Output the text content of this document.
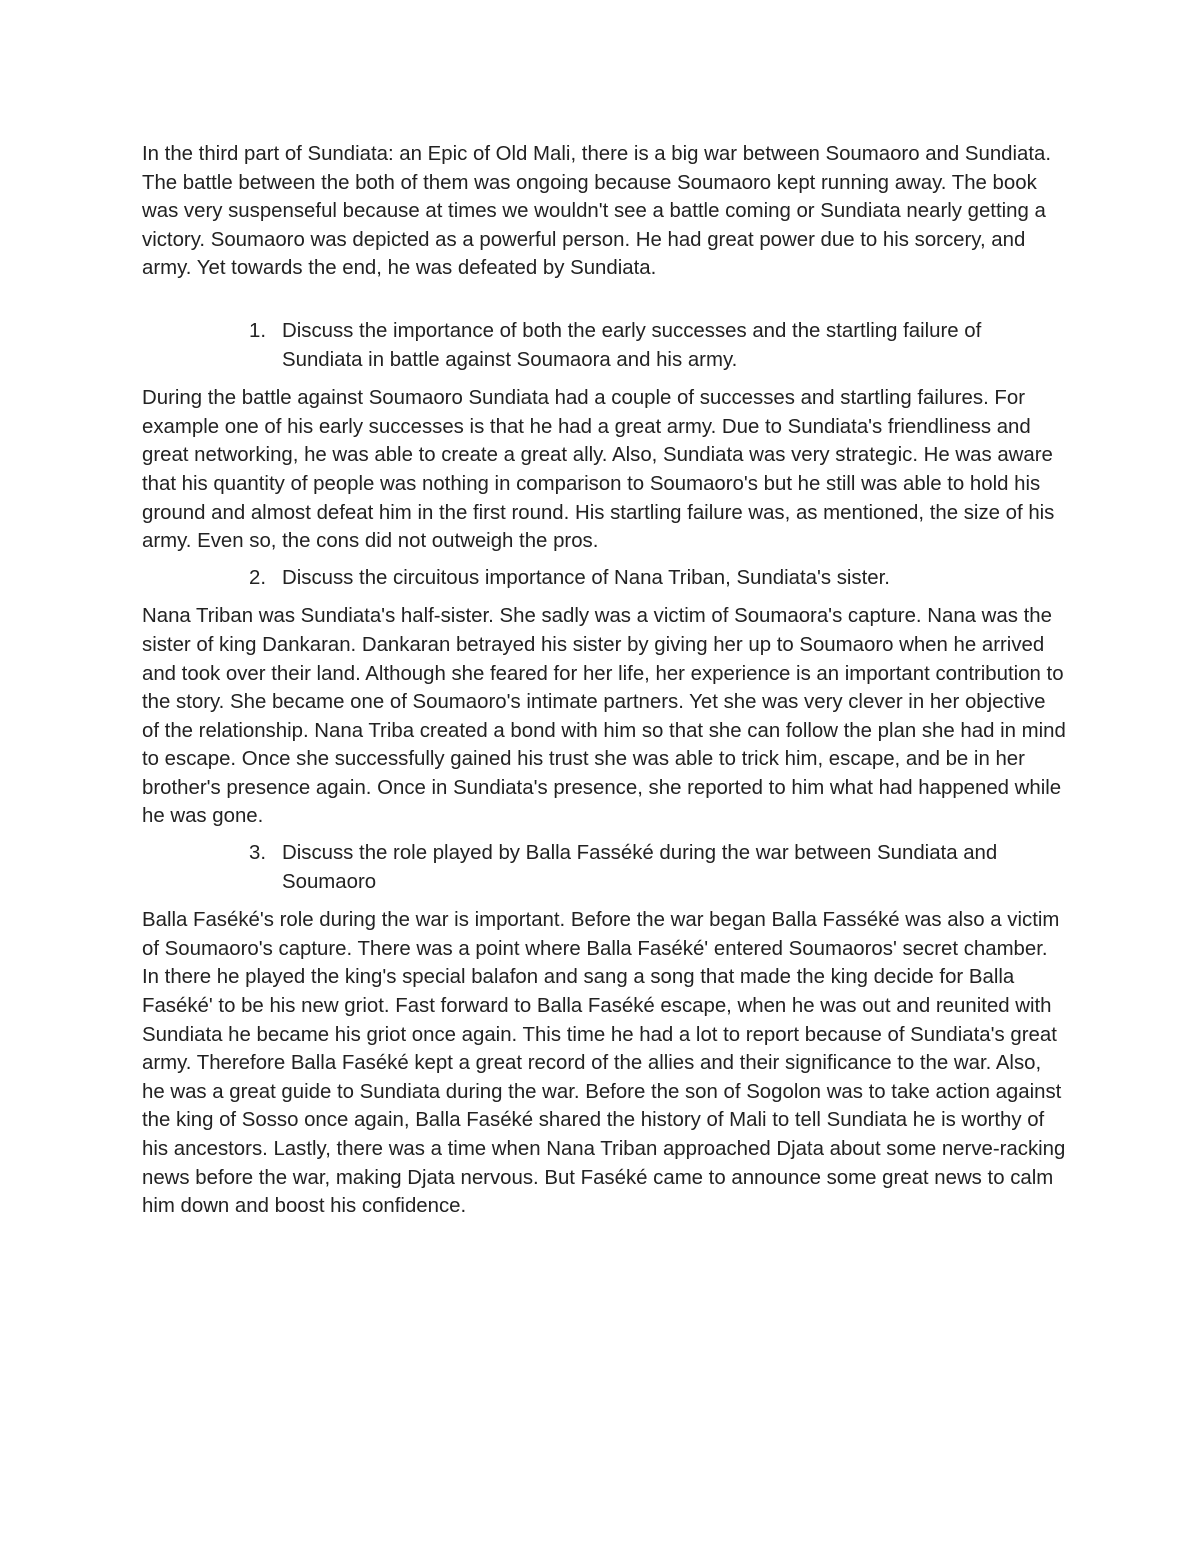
In the third part of Sundiata: an Epic of Old Mali, there is a big war between Soumaoro and Sundiata. The battle between the both of them was ongoing because Soumaoro kept running away. The book was very suspenseful because at times we wouldn't see a battle coming or Sundiata nearly getting a victory. Soumaoro was depicted as a powerful person. He had great power due to his sorcery, and army. Yet towards the end, he was defeated by Sundiata.

1. Discuss the importance of both the early successes and the startling failure of Sundiata in battle against Soumaora and his army.

During the battle against Soumaoro Sundiata had a couple of successes and startling failures. For example one of his early successes is that he had a great army. Due to Sundiata's friendliness and great networking, he was able to create a great ally. Also, Sundiata was very strategic. He was aware that his quantity of people was nothing in comparison to Soumaoro's but he still was able to hold his ground and almost defeat him in the first round. His startling failure was, as mentioned, the size of his army. Even so, the cons did not outweigh the pros.

2. Discuss the circuitous importance of Nana Triban, Sundiata's sister.

Nana Triban was Sundiata's half-sister. She sadly was a victim of Soumaora's capture. Nana was the sister of king Dankaran. Dankaran betrayed his sister by giving her up to Soumaoro when he arrived and took over their land. Although she feared for her life, her experience is an important contribution to the story. She became one of Soumaoro's intimate partners. Yet she was very clever in her objective of the relationship. Nana Triba created a bond with him so that she can follow the plan she had in mind to escape. Once she successfully gained his trust she was able to trick him, escape, and be in her brother's presence again. Once in Sundiata's presence, she reported to him what had happened while he was gone.

3. Discuss the role played by Balla Fasséké during the war between Sundiata and Soumaoro

Balla Faséké's role during the war is important. Before the war began Balla Fasséké was also a victim of Soumaoro's capture. There was a point where Balla Faséké' entered Soumaoros' secret chamber. In there he played the king's special balafon and sang a song that made the king decide for Balla Faséké' to be his new griot. Fast forward to Balla Faséké escape, when he was out and reunited with Sundiata he became his griot once again. This time he had a lot to report because of Sundiata's great army. Therefore Balla Faséké kept a great record of the allies and their significance to the war. Also, he was a great guide to Sundiata during the war. Before the son of Sogolon was to take action against the king of Sosso once again, Balla Faséké shared the history of Mali to tell Sundiata he is worthy of his ancestors. Lastly, there was a time when Nana Triban approached Djata about some nerve-racking news before the war, making Djata nervous. But Faséké came to announce some great news to calm him down and boost his confidence.
